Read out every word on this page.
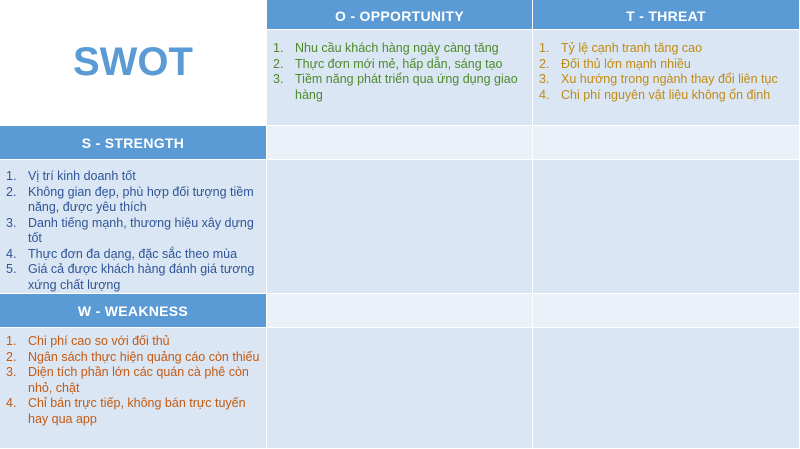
SWOT
O - OPPORTUNITY	T - THREAT
1. Nhu cầu khách hàng ngày càng tăng
2. Thực đơn mới mẻ, hấp dẫn, sáng tạo
3. Tiềm năng phát triển qua ứng dụng giao hàng
1. Tỷ lệ cạnh tranh tăng cao
2. Đối thủ lớn mạnh nhiều
3. Xu hướng trong ngành thay đổi liên tục
4. Chi phí nguyên vật liệu không ổn định
S - STRENGTH
1. Vị trí kinh doanh tốt
2. Không gian đẹp, phù hợp đối tượng tiềm năng, được yêu thích
3. Danh tiếng mạnh, thương hiệu xây dựng tốt
4. Thực đơn đa dạng, đặc sắc theo mùa
5. Giá cả được khách hàng đánh giá tương xứng chất lượng
W - WEAKNESS
1. Chi phí cao so với đối thủ
2. Ngân sách thực hiện quảng cáo còn thiếu
3. Diện tích phần lớn các quán cà phê còn nhỏ, chật
4. Chỉ bán trực tiếp, không bán trực tuyến hay qua app
